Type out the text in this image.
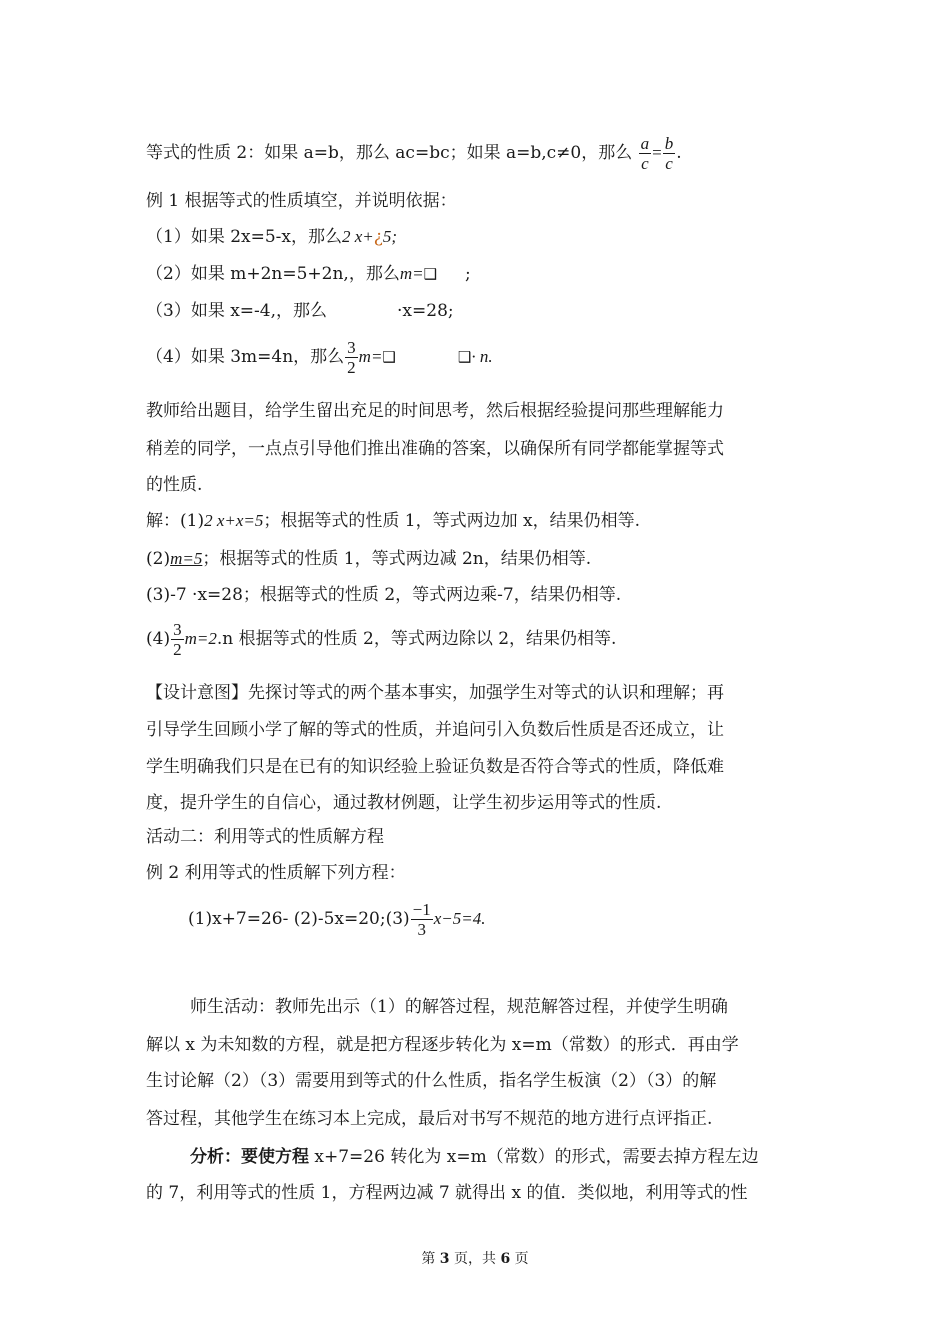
等式的性质 2：如果 a=b，那么 ac=bc；如果 a=b,c≠0，那么 $\frac{a}{c} = \frac{b}{c}$ .
例 1 根据等式的性质填空，并说明依据：
（1）如果 2x=5-x，那么2 x+¿5;
（2）如果 m+2n=5+2n,，那么m=❑ ;
（3）如果 x=-4,，那么	·x=28;
（4）如果 3m=4n，那么 $\frac{3}{2}$ m=❑	❑· n.
教师给出题目，给学生留出充足的时间思考，然后根据经验提问那些理解能力
稍差的同学，一点点引导他们推出准确的答案，以确保所有同学都能掌握等式
的性质.
解：(1)2 x+x=5；根据等式的性质 1，等式两边加 x，结果仍相等.
(2)m=5；根据等式的性质 1，等式两边减 2n，结果仍相等.
(3)-7 ·x=28；根据等式的性质 2，等式两边乘-7，结果仍相等.
$(4) \frac{3}{2} m=2.n$ 根据等式的性质 2，等式两边除以 2，结果仍相等.
【设计意图】先探讨等式的两个基本事实，加强学生对等式的认识和理解；再
引导学生回顾小学了解的等式的性质，并追问引入负数后性质是否还成立，让
学生明确我们只是在已有的知识经验上验证负数是否符合等式的性质，降低难
度，提升学生的自信心，通过教材例题，让学生初步运用等式的性质.
活动二：利用等式的性质解方程
例 2 利用等式的性质解下列方程：
(1)x+7=26- (2)-5x=20;(3) $\frac{-1}{3} x-5=4$.
师生活动：教师先出示（1）的解答过程，规范解答过程，并使学生明确
解以 x 为未知数的方程，就是把方程逐步转化为 x=m（常数）的形式．再由学
生讨论解（2）（3）需要用到等式的什么性质，指名学生板演（2）（3）的解
答过程，其他学生在练习本上完成，最后对书写不规范的地方进行点评指正.
分析：要使方程 x+7=26 转化为 x=m（常数）的形式，需要去掉方程左边
的 7，利用等式的性质 1，方程两边减 7 就得出 x 的值．类似地，利用等式的性
第 3 页，共 6 页
